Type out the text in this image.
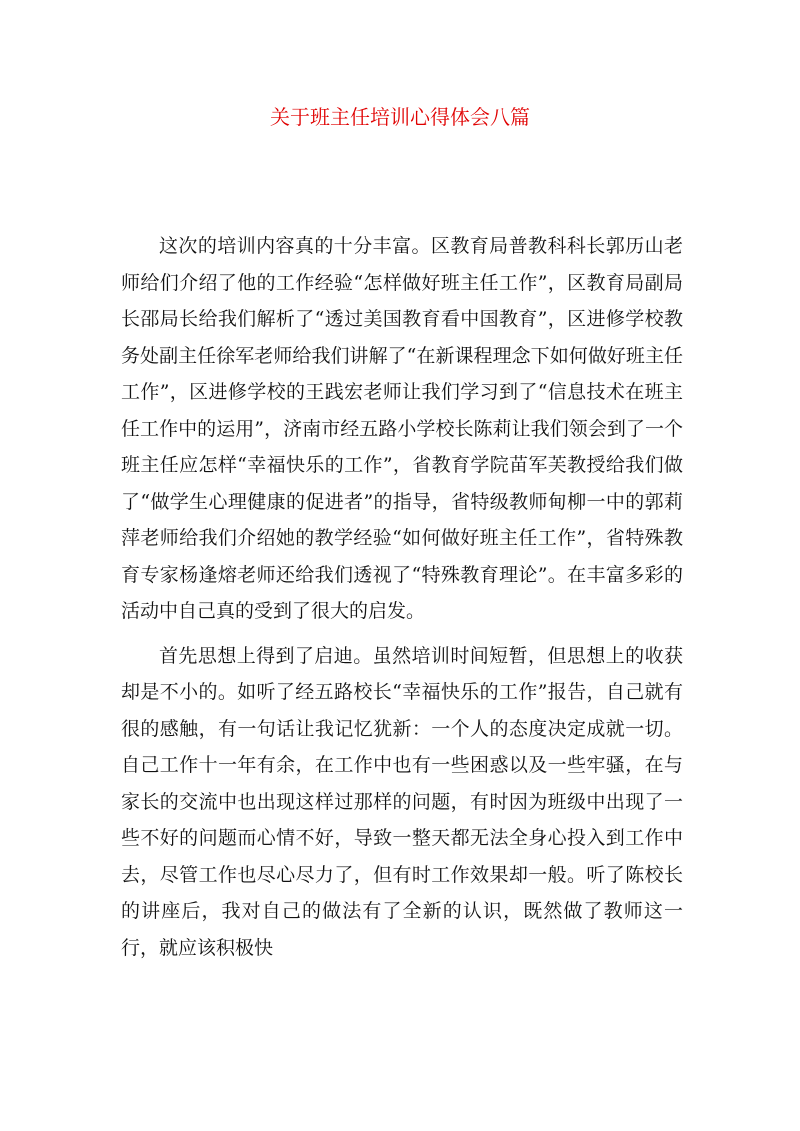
关于班主任培训心得体会八篇

这次的培训内容真的十分丰富。区教育局普教科科长郭历山老师给们介绍了他的工作经验“怎样做好班主任工作”，区教育局副局长邵局长给我们解析了“透过美国教育看中国教育”，区进修学校教务处副主任徐军老师给我们讲解了“在新课程理念下如何做好班主任工作”，区进修学校的王践宏老师让我们学习到了“信息技术在班主任工作中的运用”，济南市经五路小学校长陈莉让我们领会到了一个班主任应怎样“幸福快乐的工作”，省教育学院苗军芙教授给我们做了“做学生心理健康的促进者”的指导，省特级教师甸柳一中的郭莉萍老师给我们介绍她的教学经验“如何做好班主任工作”，省特殊教育专家杨逢熔老师还给我们透视了“特殊教育理论”。在丰富多彩的活动中自己真的受到了很大的启发。

首先思想上得到了启迪。虽然培训时间短暂，但思想上的收获却是不小的。如听了经五路校长“幸福快乐的工作”报告，自己就有很的感触，有一句话让我记忆犹新：一个人的态度决定成就一切。自己工作十一年有余，在工作中也有一些困惑以及一些牢骚，在与家长的交流中也出现这样过那样的问题，有时因为班级中出现了一些不好的问题而心情不好，导致一整天都无法全身心投入到工作中去，尽管工作也尽心尽力了，但有时工作效果却一般。听了陈校长的讲座后，我对自己的做法有了全新的认识，既然做了教师这一行，就应该积极快
